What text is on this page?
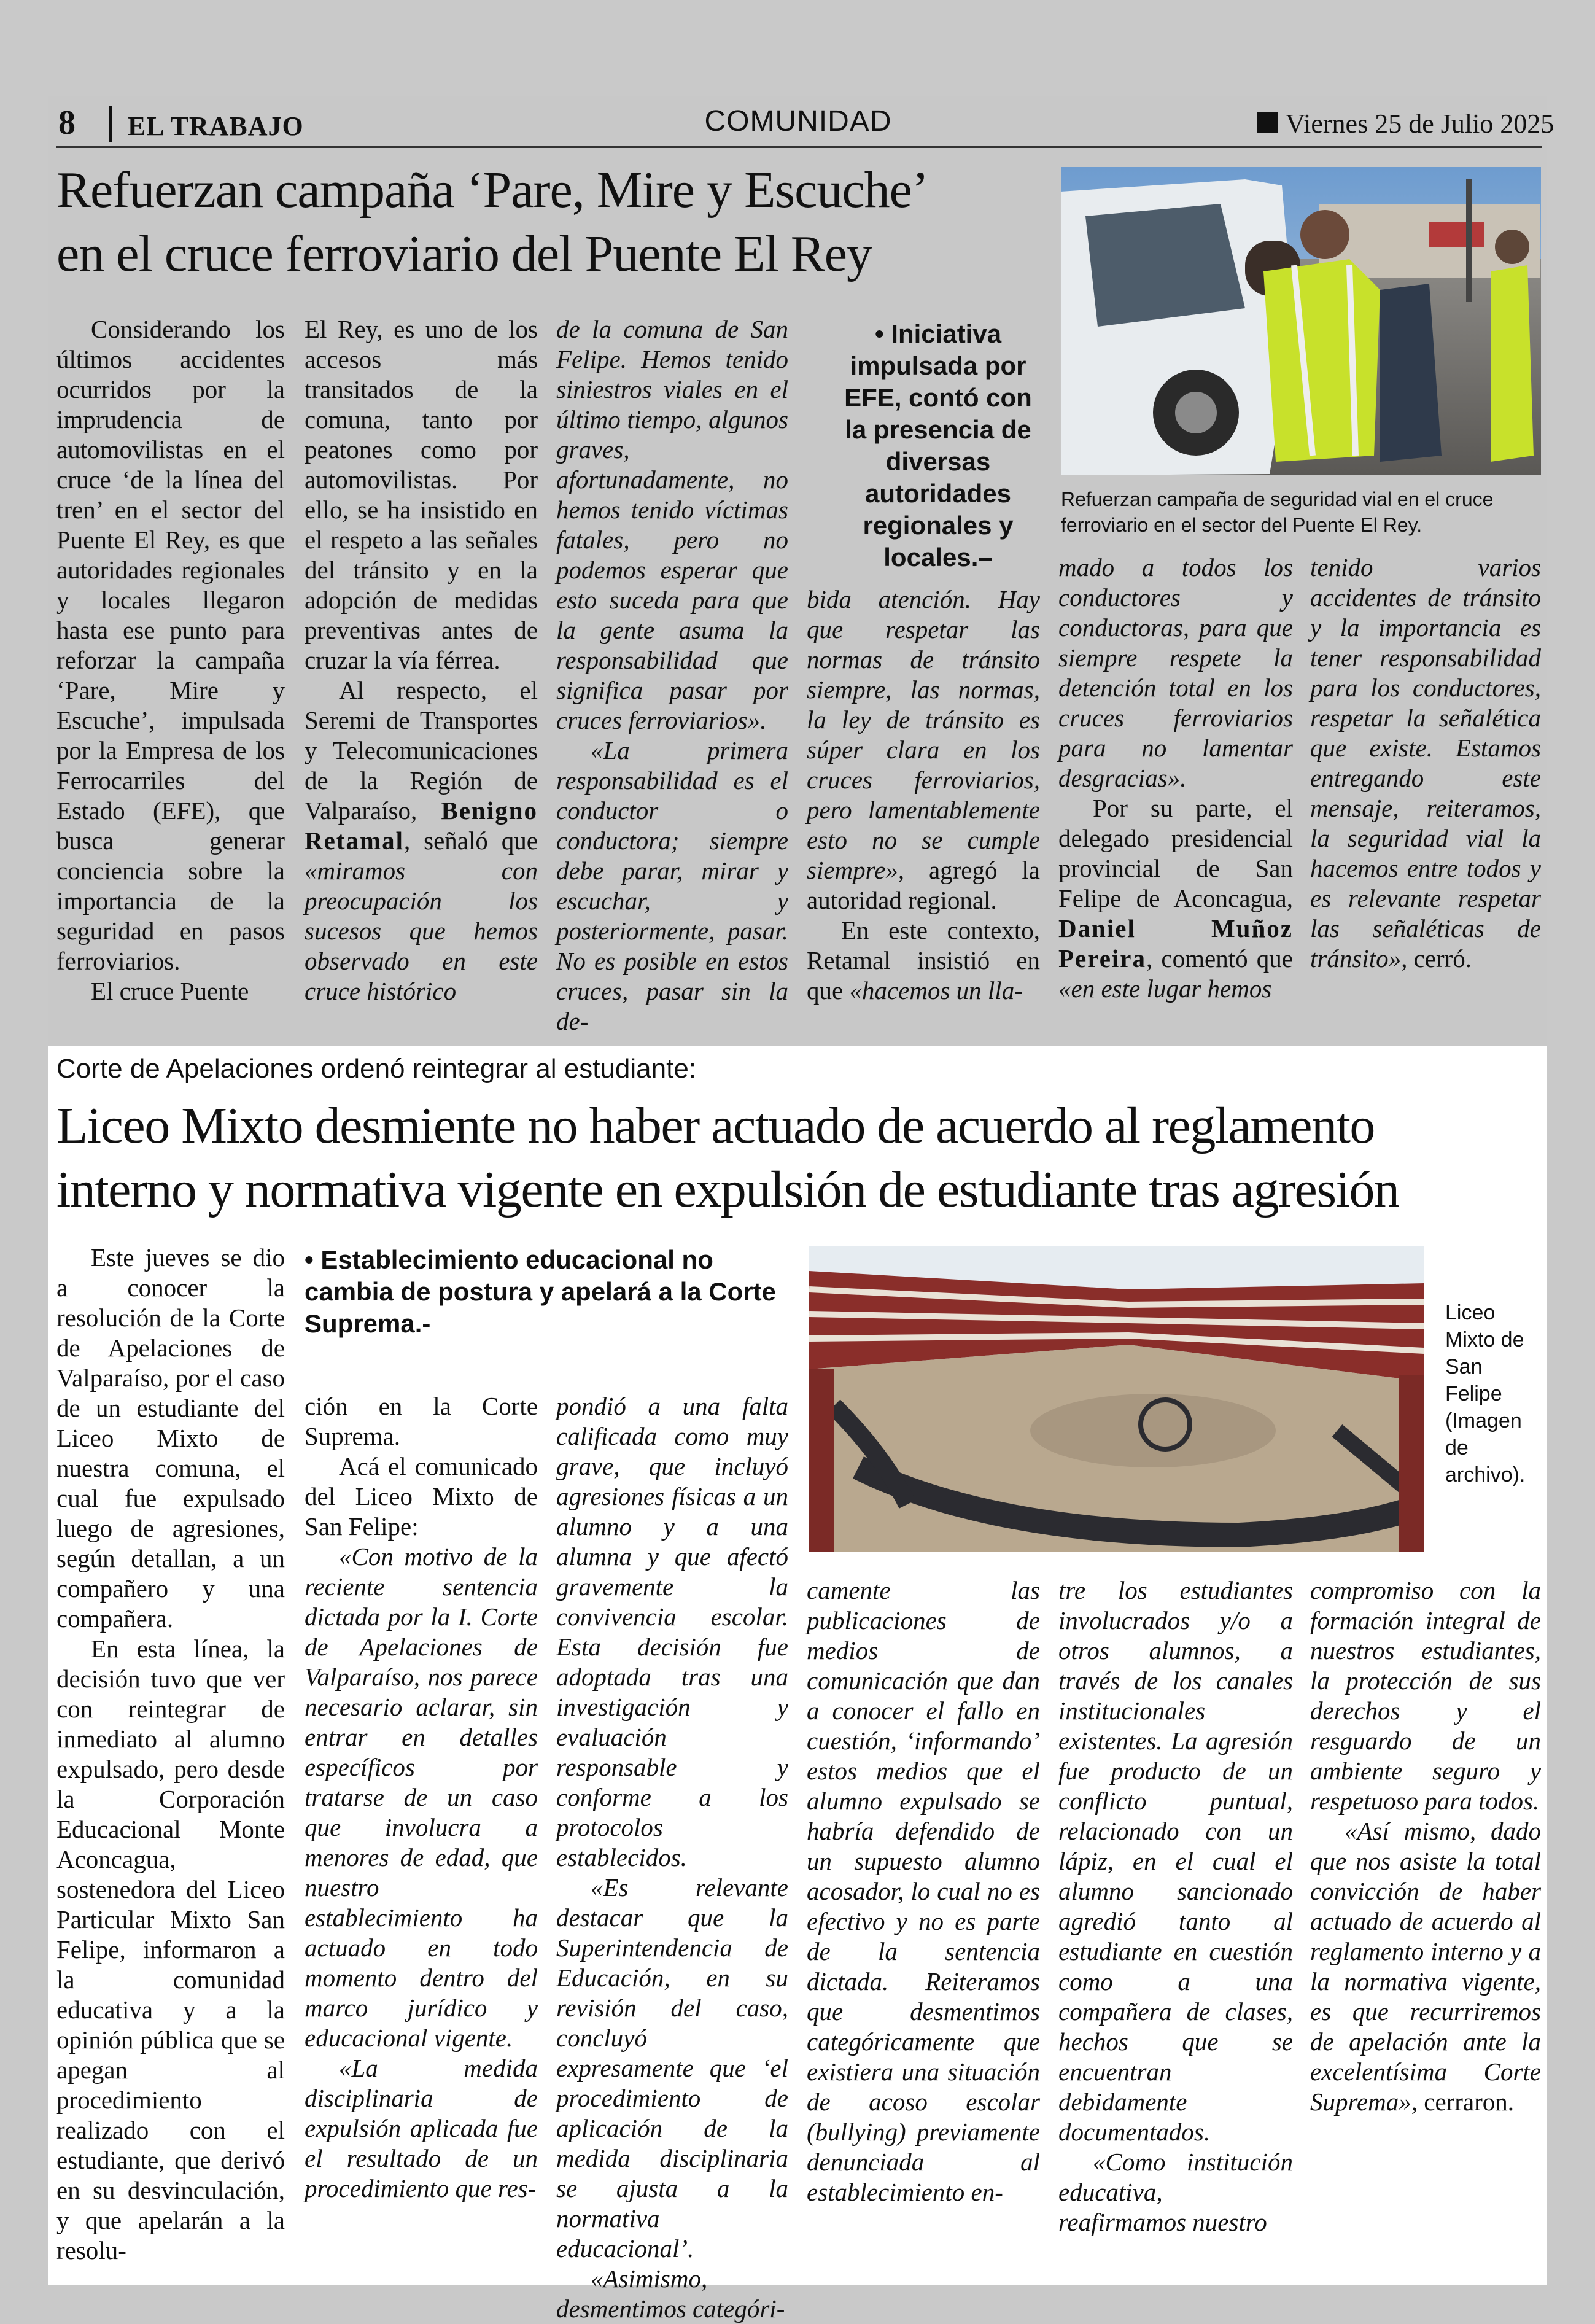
8 EL TRABAJO	COMUNIDAD	Viernes 25 de Julio 2025
Refuerzan campaña ‘Pare, Mire y Escuche’
en el cruce ferroviario del Puente El Rey
Refuerzan campaña de seguridad vial en el cruce ferroviario en el sector del Puente El Rey.
• Iniciativa impulsada por EFE, contó con la presencia de diversas autoridades regionales y locales.–

Considerando los últimos accidentes ocurridos por la imprudencia de automovilistas en el cruce ‘de la línea del tren’ en el sector del Puente El Rey, es que autoridades regionales y locales llegaron hasta ese punto para reforzar la campaña ‘Pare, Mire y Escuche’, impulsada por la Empresa de los Ferrocarriles del Estado (EFE), que busca generar conciencia sobre la importancia de la seguridad en pasos ferroviarios.

El cruce Puente

El Rey, es uno de los accesos más transitados de la comuna, tanto por peatones como por automovilistas. Por ello, se ha insistido en el respeto a las señales del tránsito y en la adopción de medidas preventivas antes de cruzar la vía férrea.

Al respecto, el Seremi de Transportes y Telecomunicaciones de la Región de Valparaíso, Benigno Retamal, señaló que «miramos con preocupación los sucesos que hemos observado en este cruce histórico

de la comuna de San Felipe. Hemos tenido siniestros viales en el último tiempo, algunos graves, afortunadamente, no hemos tenido víctimas fatales, pero no podemos esperar que esto suceda para que la gente asuma la responsabilidad que significa pasar por cruces ferroviarios».

«La primera responsabilidad es el conductor o conductora; siempre debe parar, mirar y escuchar, y posteriormente, pasar. No es posible en estos cruces, pasar sin la de-

bida atención. Hay que respetar las normas de tránsito siempre, las normas, la ley de tránsito es súper clara en los cruces ferroviarios, pero lamentablemente esto no se cumple siempre», agregó la autoridad regional.

En este contexto, Retamal insistió en que «hacemos un lla-

mado a todos los conductores y conductoras, para que siempre respete la detención total en los cruces ferroviarios para no lamentar desgracias».

Por su parte, el delegado presidencial provincial de San Felipe de Aconcagua, Daniel Muñoz Pereira, comentó que «en este lugar hemos

tenido varios accidentes de tránsito y la importancia es tener responsabilidad para los conductores, respetar la señalética que existe. Estamos entregando este mensaje, reiteramos, la seguridad vial la hacemos entre todos y es relevante respetar las señaléticas de tránsito», cerró.

Corte de Apelaciones ordenó reintegrar al estudiante:
Liceo Mixto desmiente no haber actuado de acuerdo al reglamento
interno y normativa vigente en expulsión de estudiante tras agresión
• Establecimiento educacional no cambia de postura y apelará a la Corte Suprema.-	Liceo Mixto de San Felipe (Imagen de archivo).

Este jueves se dio a conocer la resolución de la Corte de Apelaciones de Valparaíso, por el caso de un estudiante del Liceo Mixto de nuestra comuna, el cual fue expulsado luego de agresiones, según detallan, a un compañero y una compañera.

En esta línea, la decisión tuvo que ver con reintegrar de inmediato al alumno expulsado, pero desde la Corporación Educacional Monte Aconcagua, sostenedora del Liceo Particular Mixto San Felipe, informaron a la comunidad educativa y a la opinión pública que se apegan al procedimiento realizado con el estudiante, que derivó en su desvinculación, y que apelarán a la resolu-

ción en la Corte Suprema.

Acá el comunicado del Liceo Mixto de San Felipe:

«Con motivo de la reciente sentencia dictada por la I. Corte de Apelaciones de Valparaíso, nos parece necesario aclarar, sin entrar en detalles específicos por tratarse de un caso que involucra a menores de edad, que nuestro establecimiento ha actuado en todo momento dentro del marco jurídico y educacional vigente.

«La medida disciplinaria de expulsión aplicada fue el resultado de un procedimiento que res-

pondió a una falta calificada como muy grave, que incluyó agresiones físicas a un alumno y a una alumna y que afectó gravemente la convivencia escolar. Esta decisión fue adoptada tras una investigación y evaluación responsable y conforme a los protocolos establecidos.

«Es relevante destacar que la Superintendencia de Educación, en su revisión del caso, concluyó expresamente que ‘el procedimiento de aplicación de la medida disciplinaria se ajusta a la normativa educacional’.

«Asimismo, desmentimos categóri-

camente las publicaciones de medios de comunicación que dan a conocer el fallo en cuestión, ‘informando’ estos medios que el alumno expulsado se habría defendido de un supuesto alumno acosador, lo cual no es efectivo y no es parte de la sentencia dictada. Reiteramos que desmentimos categóricamente que existiera una situación de acoso escolar (bullying) previamente denunciada al establecimiento en-

tre los estudiantes involucrados y/o a otros alumnos, a través de los canales institucionales existentes. La agresión fue producto de un conflicto puntual, relacionado con un lápiz, en el cual el alumno sancionado agredió tanto al estudiante en cuestión como a una compañera de clases, hechos que se encuentran debidamente documentados.

«Como institución educativa, reafirmamos nuestro

compromiso con la formación integral de nuestros estudiantes, la protección de sus derechos y el resguardo de un ambiente seguro y respetuoso para todos.

«Así mismo, dado que nos asiste la total convicción de haber actuado de acuerdo al reglamento interno y a la normativa vigente, es que recurriremos de apelación ante la excelentísima Corte Suprema», cerraron.
